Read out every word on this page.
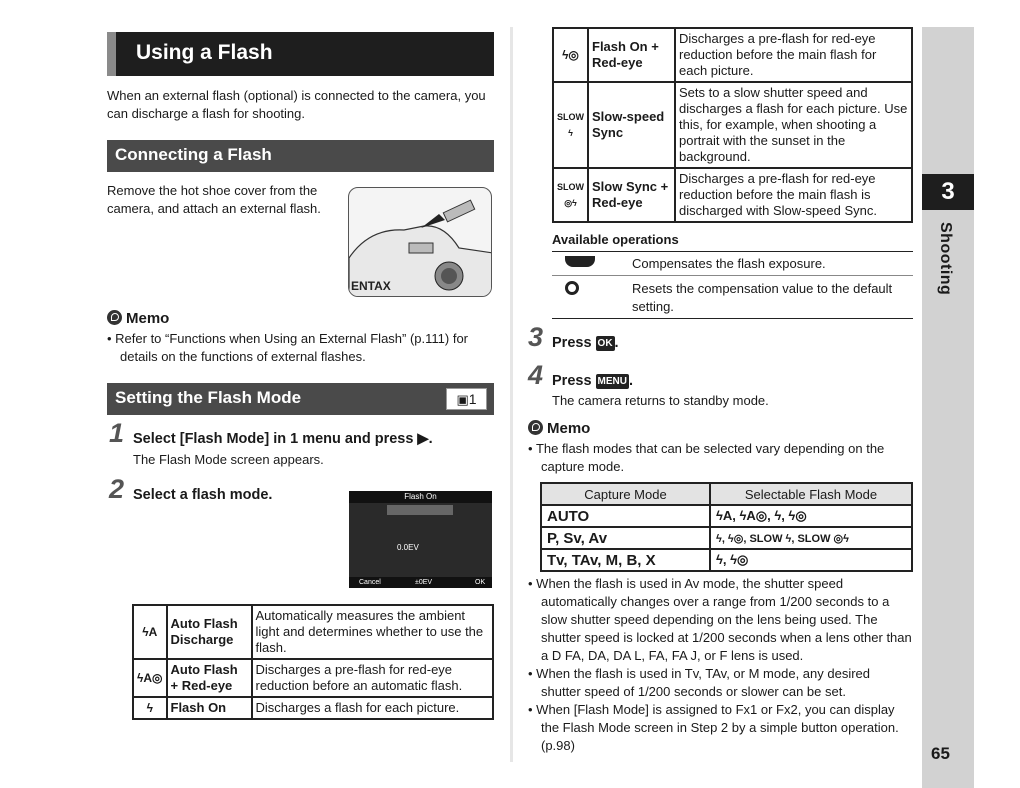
Using a Flash
When an external flash (optional) is connected to the camera, you can discharge a flash for shooting.
Connecting a Flash
Remove the hot shoe cover from the camera, and attach an external flash.
ENTAX
Memo
• Refer to “Functions when Using an External Flash” (p.111) for details on the functions of external flashes.
Setting the Flash Mode	▣1
1 Select [Flash Mode] in 1 menu and press ▶.
The Flash Mode screen appears.
2 Select a flash mode.	Flash On
0.0EV
Cancel	±0EV	OK
ϟA	Auto Flash Discharge	Automatically measures the ambient light and determines whether to use the flash.
ϟA◎	Auto Flash + Red-eye	Discharges a pre-flash for red-eye reduction before an automatic flash.
ϟ	Flash On	Discharges a flash for each picture.
ϟ◎	Flash On + Red-eye	Discharges a pre-flash for red-eye reduction before the main flash for each picture.
SLOW ϟ	Slow-speed Sync	Sets to a slow shutter speed and discharges a flash for each picture. Use this, for example, when shooting a portrait with the sunset in the background.
SLOW ◎ϟ	Slow Sync + Red-eye	Discharges a pre-flash for red-eye reduction before the main flash is discharged with Slow-speed Sync.
Available operations
Compensates the flash exposure.
Resets the compensation value to the default setting.
3 Press OK .
4 Press MENU .
The camera returns to standby mode.
Memo
• The flash modes that can be selected vary depending on the capture mode.
Capture Mode	Selectable Flash Mode
AUTO	ϟA, ϟA◎, ϟ, ϟ◎
P, Sv, Av	ϟ, ϟ◎, SLOW ϟ, SLOW ◎ϟ
Tv, TAv, M, B, X	ϟ, ϟ◎
• When the flash is used in Av mode, the shutter speed automatically changes over a range from 1/200 seconds to a slow shutter speed depending on the lens being used. The shutter speed is locked at 1/200 seconds when a lens other than a D FA, DA, DA L, FA, FA J, or F lens is used.
• When the flash is used in Tv, TAv, or M mode, any desired shutter speed of 1/200 seconds or slower can be set.
• When [Flash Mode] is assigned to Fx1 or Fx2, you can display the Flash Mode screen in Step 2 by a simple button operation. (p.98)
3
Shooting
65
